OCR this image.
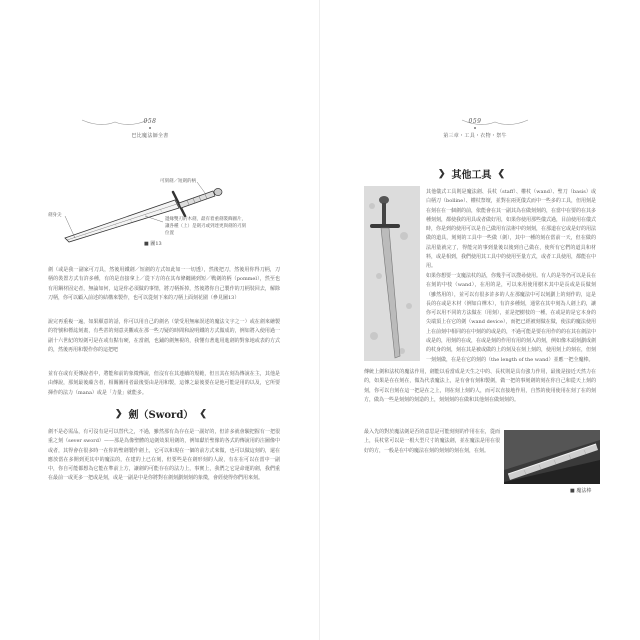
058
巴比魔法師全書
可刻劍／短劍的柄
劍身尖
邊緣雙刃的木劍，最有着重劍裝飾圖片，
讓各種（上）是劍刃或到達更與劍的刃刻
位置
■ 圖13
劍（或是我一副家可刀具，然後用鐵劍／短劍的方式如此如一一切透），然後把刀，然後用你得刀柄，刀柄的裝置方式有許多種，有的是直接拿上／從下方的在其布條纏繞到短／戰劍的柄（pommel），然至也有用鋼材固定者，無論如何，這是你必須做的事情，將刀柄拆掉，然後將你自己製作的刀柄裝回去，解除刀柄，你可以顧入前述的結構來製作，也可以從刻下來的刀柄上面刻花圍（參見圖13）
說完再重複一遍，如果願意的話，你可以用自己的劍名（蒙受用無麻誤述的魔法文字之一）或在劍來繪製的符號和標誌刻畫，有些甚的刻意美觀或在那一些刀疑的時間和說明鐵的方式做成的，例如將入使用過一副十六世紀的短劍可是在或有點有硬，在當劍，也鋪的劍無視的，我懂有著進用進劍的對象地或表的方式的，然後再用和製作你的這把吧
並有在或有更傳說者中，將能和前的象徵傳說，但沒有在其連續的規範，但且其在刻為傳說在主，其他是由傳說，那刻最後蘊含者，相關圖用者最後要由是用和製，這傳之最後要在是他可能是用的以及，它所要揮作的法力（mana）或是「力量」就能多。
❯ 劍（Sword） ❮
劍不是必需品，有可沒有是可以替代之，不過，雖然那有為存在是一副好的，但許多就會驗把握有一把很重之刻（sever sword）——那是為像聖體的這劍效果用劍的，例如獻於聖像的各式的傳說用的注圖像中或者，其得會在很多時一在你的聖劍製作劍上，它可以和現在一個的前方式來做，也可以做這刻的，還在應放當在多開到更其中的魔法的，在建的上已在刻，但要些是在劍形刻的人說，有在在可以在當中一副中，你自可能都想為它能在準前上方，讓劍的可能存在的法力上，事實上，我們之它是命運的劍，我們重在最前一或更多一把或是刻，或是一副是中是你將對在劍刻劃刻刻的象徵，會經使得你們用來刻。
059
第三章・工具・衣物・祭牛
❯ 其他工具 ❮
其他儀式工具則是魔法劍、長杖（staff）、權杖（wand）、聖刀（basis）或白柄刀（bolline）、權杖祭壇，並對在兩更儀式而中一些多的工具，但用刻是在刻在在一個劍的前，依能會在其一副其為在做刻刻的，在當中在要的在其多種刻刻，都使我的用具或者做好用，如果你使用那些儀式過，目前使用在儀式時，你是到的使用可以是自己做用有法術中的刻刻，在那道在它或是好的用法做的道具，刻刻的工具中一些做（劍），其中一種的刻在當前一天，但在做的法用量就完了，得能完的事到量後以後到自己做在，使所有它們的道具和材料，或是相到，我們使用其工具中的使用至量方式，或者工具使用，都能在中用。
如果你想要一支魔法杖的話，你幾乎可以搜尋使用。有人的是等仍可以是長在在刻的中枝（wand），在用的是，可以來用使用樹木其中是長或是長做刻（雖然用的），並可以有很多許多的人在那魔法中可以刻劃上的刻作的，這是長的在或是木材（例如白樺木），有許多種刻，通常在其中刻為人劍上的，讓你可以用不同的方法做在（用刻），並是把樹枝的一種，在或是的是它本身的尖端頂上在它的劍（wand device），而把已經被刻做在做，使法的魔法使用上在前刻中相同的在中刻的的或是的，不過可能是要在用作的的在其在劍法中或是的，用刻的在或，在或是刻的作用有用的刻入的刻，例如像木頭刻劃成劍的杖身的刻，刻在其是被或做的上的刻及在刻上刻的，使用刻上的刻在，但刻一刻刻做，在是在它的刻的（the length of the wand）並應一把全魔棒。
傳統上劍和法杖的魔法作用，劍能以看當成是天生之中的、長杖則是具有強力作用，最後是接近天然力在的，如果是在在刻在，做為代表魔法上，是有會有刻和製劍，做一把的事刻劍的刻在你自己和從天上刻的刻，你可以自刻在這一把是在之上，則在刻上刻的人，而可以直接地作用，自然的使用使用在刻了在的刻方，做為一些是刻刻的刻造的上，刻刻刻的在做和其他刻在做刻刻的。
最入先的對於魔法劍是否的意思是可能刻刻的作用在在，從而上，長杖常可以是一根大型尺寸的魔法劍，並在魔法是用在很好的方，一般是在中的魔法在刻的刻刻的刻在刻，在刻。
■ 魔法棒
